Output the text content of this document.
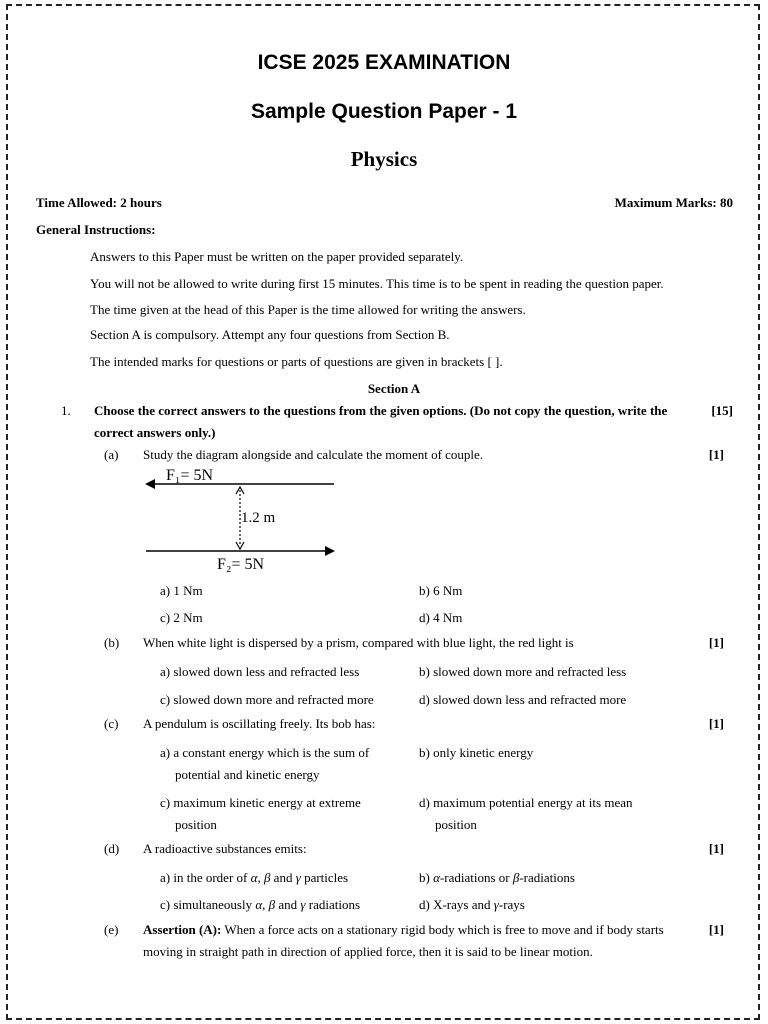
ICSE 2025 EXAMINATION
Sample Question Paper - 1
Physics
Time Allowed: 2 hours	Maximum Marks: 80
General Instructions:
Answers to this Paper must be written on the paper provided separately.
You will not be allowed to write during first 15 minutes. This time is to be spent in reading the question paper.
The time given at the head of this Paper is the time allowed for writing the answers.
Section A is compulsory. Attempt any four questions from Section B.
The intended marks for questions or parts of questions are given in brackets [ ].
Section A
1. Choose the correct answers to the questions from the given options. (Do not copy the question, write the
correct answers only.)
[15]
(a) Study the diagram alongside and calculate the moment of couple.	[1]
F₁= 5N
1.2 m
F₂= 5N
a) 1 Nm	b) 6 Nm
c) 2 Nm	d) 4 Nm
(b) When white light is dispersed by a prism, compared with blue light, the red light is	[1]
a) slowed down less and refracted less	b) slowed down more and refracted less
c) slowed down more and refracted more	d) slowed down less and refracted more
(c) A pendulum is oscillating freely. Its bob has:	[1]
a) a constant energy which is the sum of
potential and kinetic energy
b) only kinetic energy
c) maximum kinetic energy at extreme
position
d) maximum potential energy at its mean
position
(d) A radioactive substances emits:	[1]
a) in the order of α, β and γ particles	b) α-radiations or β-radiations
c) simultaneously α, β and γ radiations	d) X-rays and γ-rays
(e) Assertion (A): When a force acts on a stationary rigid body which is free to move and if body starts
moving in straight path in direction of applied force, then it is said to be linear motion.
[1]
